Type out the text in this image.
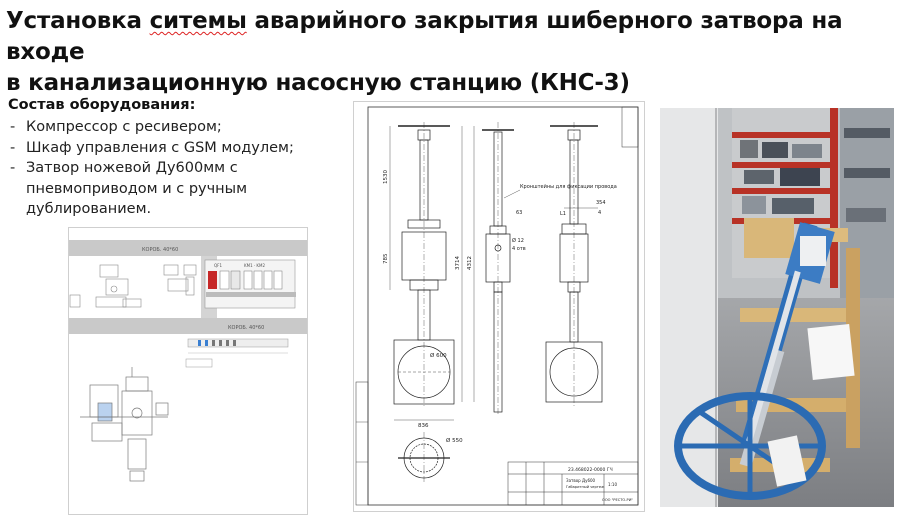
Установка ситемы аварийного закрытия шиберного затвора на входе
в канализационную насосную станцию (КНС-3)
Состав оборудования:
- Компрессор с ресивером;
- Шкаф управления с GSM модулем;
- Затвор ножевой Ду600мм с пневмоприводом и с ручным дублированием.
КОРОБ. 40*60
КОРОБ. 40*60
QF1	KM1 · KM2
1530
785	3714 4312
Ø 600
836
Кронштейны для фиксации провода
63
Ø 12
4 отв
L1
354
4
Ø 550
23.468022-0000 ГЧ
Затвор Ду600
Габаритный чертеж 1:10
ООО "РЕСТО-РИ"
